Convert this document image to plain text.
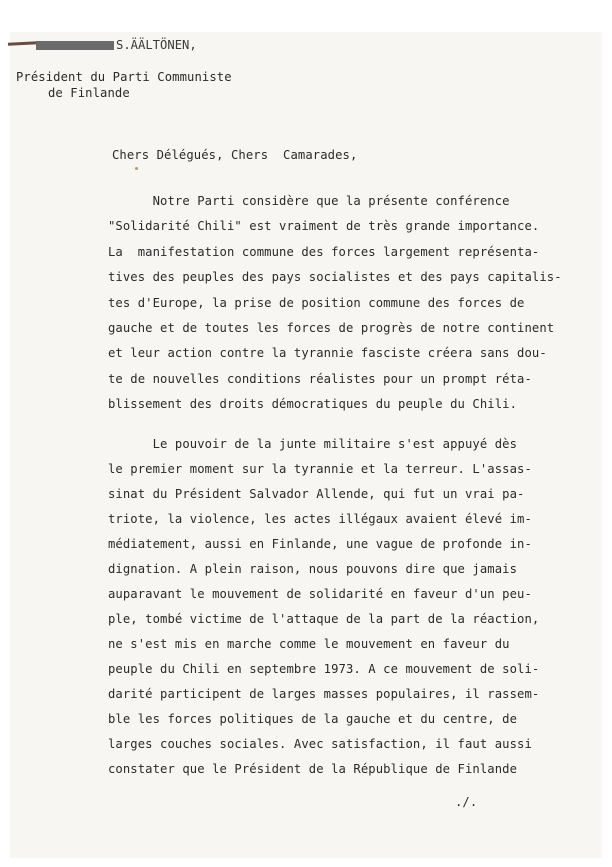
S.ÄÄLTÖNEN,
Président du Parti Communiste
de Finlande
Chers Délégués, Chers  Camarades,
Notre Parti considère que la présente conférence
"Solidarité Chili" est vraiment de très grande importance.
La  manifestation commune des forces largement représenta-
tives des peuples des pays socialistes et des pays capitalis-
tes d'Europe, la prise de position commune des forces de
gauche et de toutes les forces de progrès de notre continent
et leur action contre la tyrannie fasciste créera sans dou-
te de nouvelles conditions réalistes pour un prompt réta-
blissement des droits démocratiques du peuple du Chili.
Le pouvoir de la junte militaire s'est appuyé dès
le premier moment sur la tyrannie et la terreur. L'assas-
sinat du Président Salvador Allende, qui fut un vrai pa-
triote, la violence, les actes illégaux avaient élevé im-
médiatement, aussi en Finlande, une vague de profonde in-
dignation. A plein raison, nous pouvons dire que jamais
auparavant le mouvement de solidarité en faveur d'un peu-
ple, tombé victime de l'attaque de la part de la réaction,
ne s'est mis en marche comme le mouvement en faveur du
peuple du Chili en septembre 1973. A ce mouvement de soli-
darité participent de larges masses populaires, il rassem-
ble les forces politiques de la gauche et du centre, de
larges couches sociales. Avec satisfaction, il faut aussi
constater que le Président de la République de Finlande
./.
